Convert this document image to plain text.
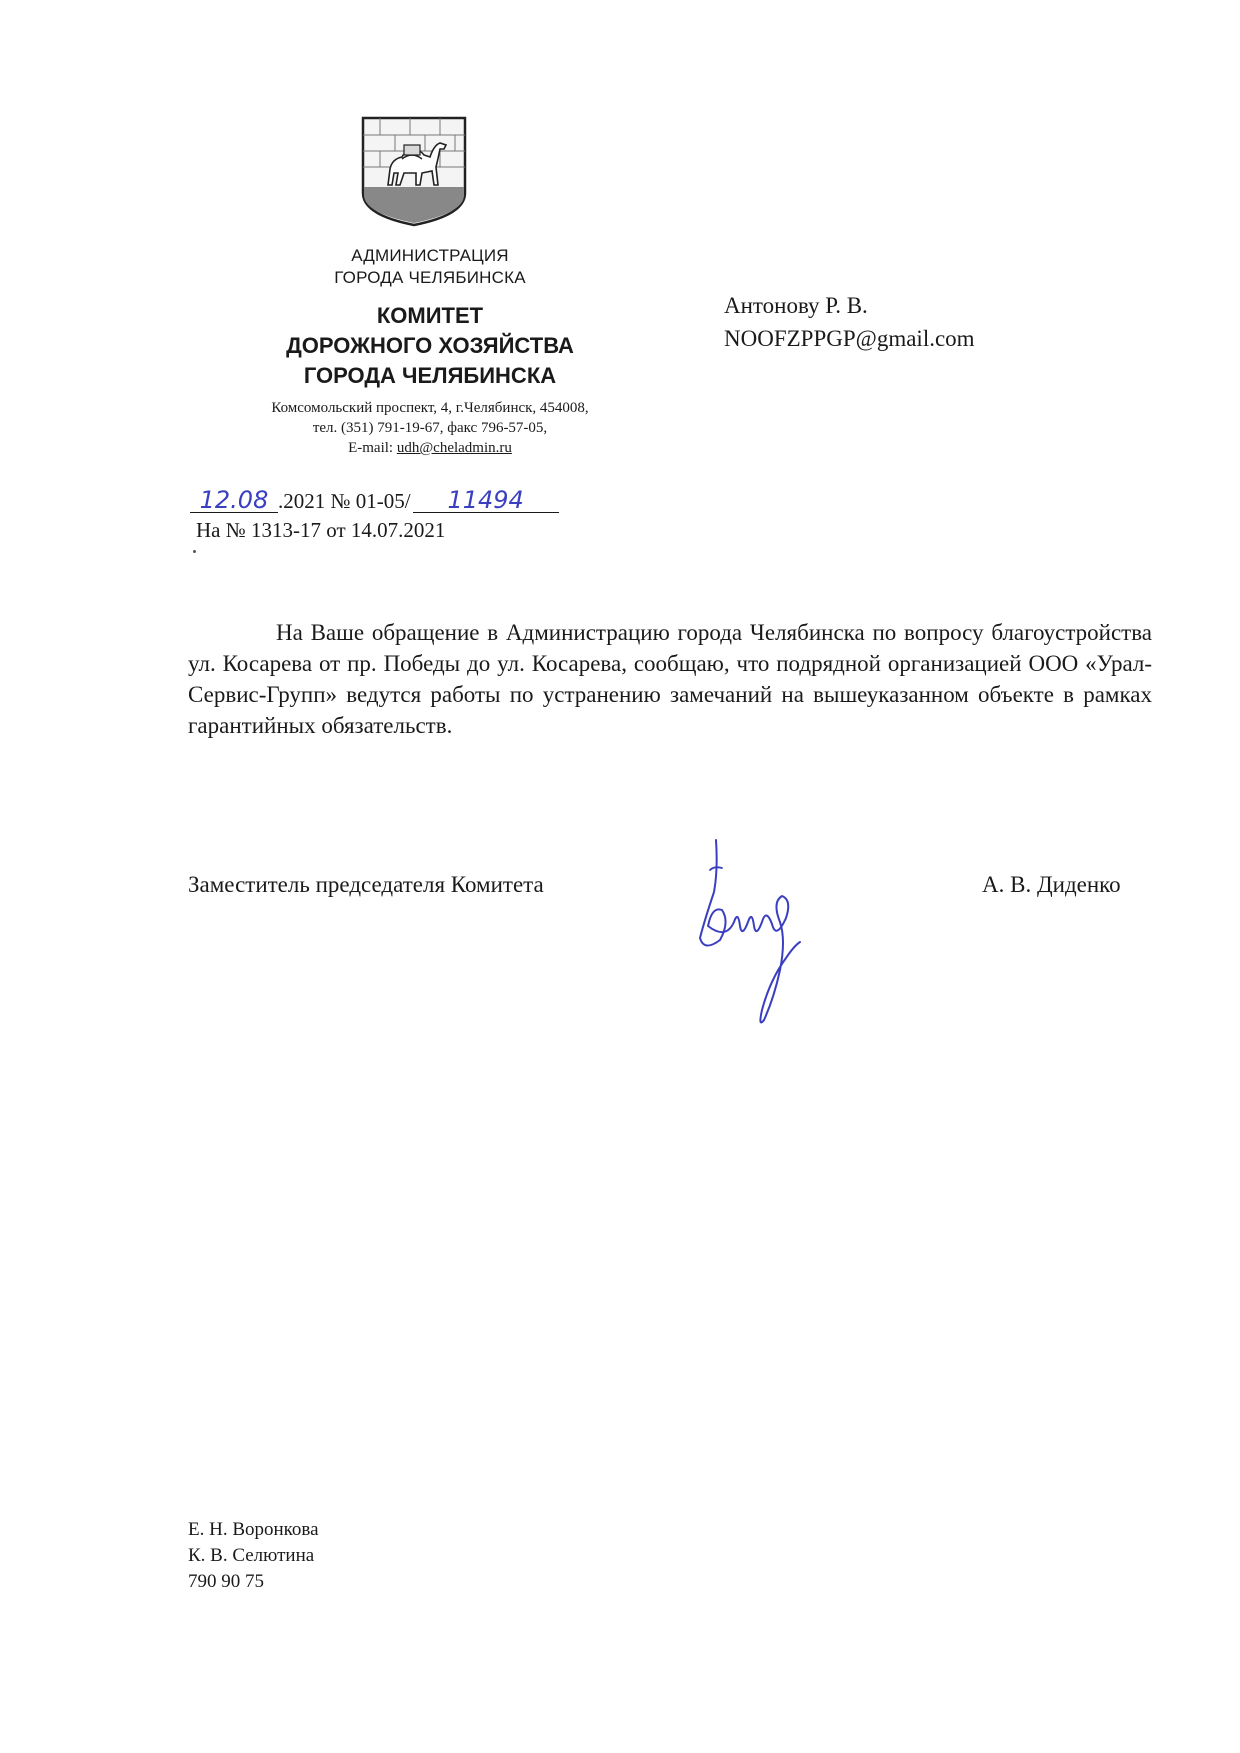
АДМИНИСТРАЦИЯ
ГОРОДА ЧЕЛЯБИНСКА
КОМИТЕТ
ДОРОЖНОГО ХОЗЯЙСТВА
ГОРОДА ЧЕЛЯБИНСКА
Комсомольский проспект, 4, г.Челябинск, 454008,
тел. (351) 791-19-67, факс 796-57-05,
E-mail: udh@cheladmin.ru
12.08 .2021 № 01-05/ 11494
На № 1313-17 от 14.07.2021
Антонову Р. В.
NOOFZPPGP@gmail.com

На Ваше обращение в Администрацию города Челябинска по вопросу благоустройства ул. Косарева от пр. Победы до ул. Косарева, сообщаю, что подрядной организацией ООО «Урал-Сервис-Групп» ведутся работы по устранению замечаний на вышеуказанном объекте в рамках гарантийных обязательств.

Заместитель председателя Комитета	А. В. Диденко
Е. Н. Воронкова
К. В. Селютина
790 90 75
